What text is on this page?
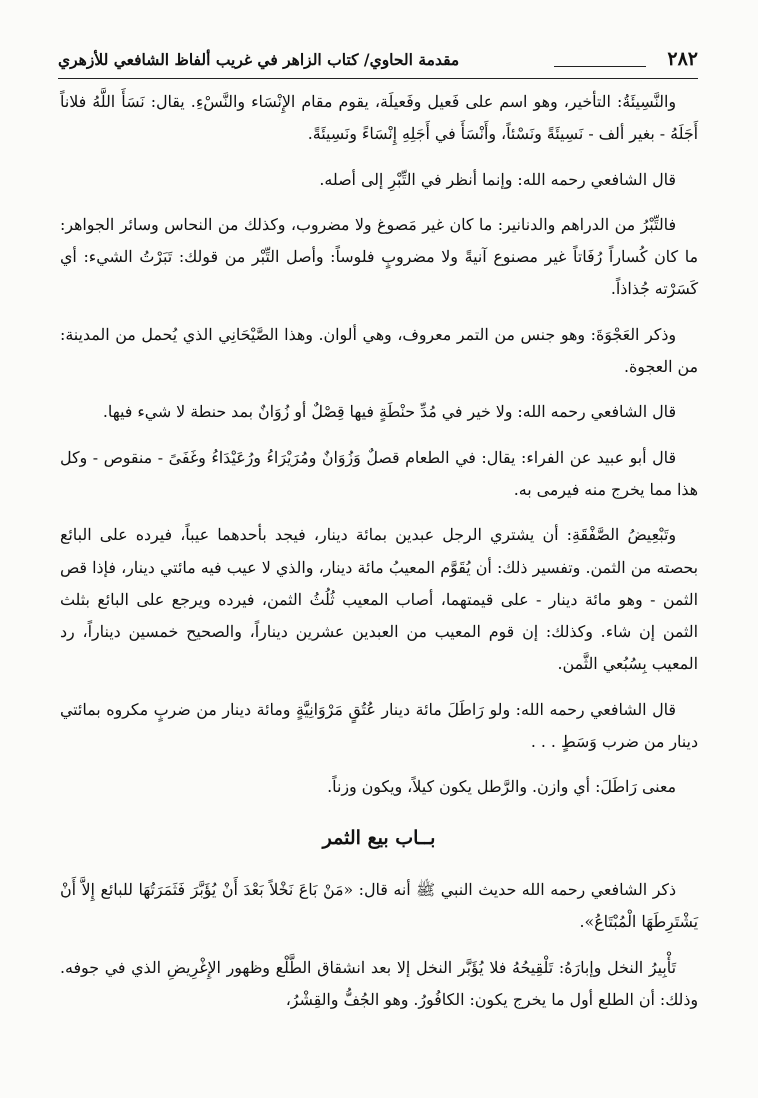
٢٨٢
مقدمة الحاوي/ كتاب الزاهر في غريب ألفاظ الشافعي للأزهري

والنَّسِيئَةُ: التأخير، وهو اسم على فَعيل وفَعيلَة، يقوم مقام الإِنْسَاء والنَّسْءِ. يقال: نَسَأَ اللَّهُ فلاناً أَجَلَهُ - بغير ألف - نَسِيئَةً ونَسْئاً، وأَنْسَأَ في أَجَلِهِ إِنْسَاءً ونَسِيئَةً.

قال الشافعي رحمه الله: وإنما أنظر في التِّبْرِ إلى أصله.

فالتِّبْرُ من الدراهم والدنانير: ما كان غير مَصوغ ولا مضروب، وكذلك من النحاس وسائر الجواهر: ما كان كُساراً رُفَاتاً غير مصنوع آنيةً ولا مضروبٍ فلوساً: وأصل التِّبْر من قولك: تَبَرْتُ الشيء: أي كَسَرْته جُذاذاً.

وذكر العَجْوَةَ: وهو جنس من التمر معروف، وهي ألوان. وهذا الصَّيْحَانِي الذي يُحمل من المدينة: من العجوة.

قال الشافعي رحمه الله: ولا خير في مُدِّ حنْطَةٍ فيها قِصْلٌ أو زُوَانٌ بمد حنطة لا شيء فيها.

قال أبو عبيد عن الفراء: يقال: في الطعام قصلٌ وَزُوَانٌ ومُرَيْرَاءُ ورُعَيْدَاءُ وغَفَىً - منقوص - وكل هذا مما يخرج منه فيرمى به.

وتَبْعِيضُ الصَّفْقَةِ: أن يشتري الرجل عبدين بمائة دينار، فيجد بأحدهما عيباً، فيرده على البائع بحصته من الثمن. وتفسير ذلك: أن يُقَوَّم المعيبُ مائة دينار، والذي لا عيب فيه مائتي دينار، فإذا قص الثمن - وهو مائة دينار - على قيمتهما، أصاب المعيب ثُلُثُ الثمن، فيرده ويرجع على البائع بثلث الثمن إن شاء. وكذلك: إن قوم المعيب من العبدين عشرين ديناراً، والصحيح خمسين ديناراً، رد المعيب بِسُبُعي الثَّمن.

قال الشافعي رحمه الله: ولو رَاطَلَ مائة دينار عُتُقٍ مَرْوَانِيَّةٍ ومائة دينار من ضربٍ مكروه بمائتي دينار من ضرب وَسَطٍ . . .

معنى رَاطَلَ: أي وازن. والرَّطل يكون كيلاً، ويكون وزناً.

بــاب بيع الثمر

ذكر الشافعي رحمه الله حديث النبي ﷺ أنه قال: «مَنْ بَاعَ نَخْلاً بَعْدَ أَنْ يُؤَبَّرَ فَثَمَرَتُهَا للبائع إِلاَّ أَنْ يَشْتَرِطَهَا الْمُبْتَاعُ».

تَأْبِيرُ النخل وإبارَهُ: تَلْقِيحُهُ فلا يُؤَبَّر النخل إلا بعد انشقاق الطَّلْع وظهور الإِغْرِيضِ الذي في جوفه. وذلك: أن الطلع أول ما يخرج يكون: الكافُورُ. وهو الجُفُّ والقِشْرُ،
